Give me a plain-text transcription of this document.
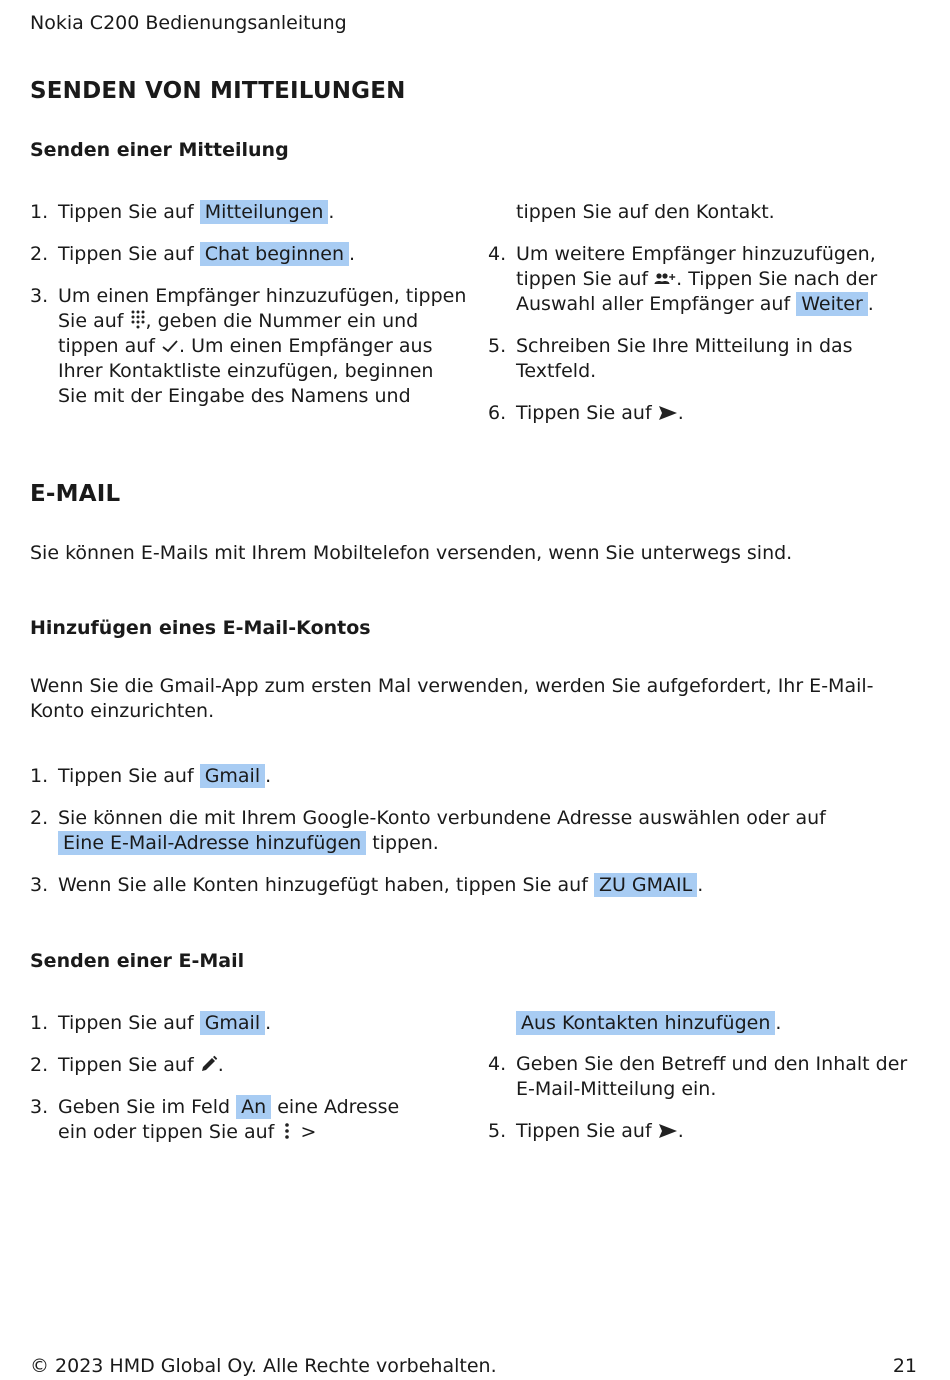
Nokia C200 Bedienungsanleitung
SENDEN VON MITTEILUNGEN
Senden einer Mitteilung
1. Tippen Sie auf Mitteilungen .
2. Tippen Sie auf Chat beginnen .
3. Um einen Empfänger hinzuzufügen, tippen
Sie auf , geben die Nummer ein und
tippen auf . Um einen Empfänger aus
Ihrer Kontaktliste einzufügen, beginnen
Sie mit der Eingabe des Namens und
tippen Sie auf den Kontakt.
4. Um weitere Empfänger hinzuzufügen,
tippen Sie auf . Tippen Sie nach der
Auswahl aller Empfänger auf Weiter .
5. Schreiben Sie Ihre Mitteilung in das
Textfeld.
6. Tippen Sie auf .
E-MAIL
Sie können E-Mails mit Ihrem Mobiltelefon versenden, wenn Sie unterwegs sind.
Hinzufügen eines E-Mail-Kontos
Wenn Sie die Gmail-App zum ersten Mal verwenden, werden Sie aufgefordert, Ihr E-Mail-Konto einzurichten.
1. Tippen Sie auf Gmail .
2. Sie können die mit Ihrem Google-Konto verbundene Adresse auswählen oder auf
Eine E-Mail-Adresse hinzufügen tippen.
3. Wenn Sie alle Konten hinzugefügt haben, tippen Sie auf ZU GMAIL .
Senden einer E-Mail
1. Tippen Sie auf Gmail .
2. Tippen Sie auf .
3. Geben Sie im Feld An eine Adresse
ein oder tippen Sie auf >
Aus Kontakten hinzufügen .
4. Geben Sie den Betreff und den Inhalt der
E-Mail-Mitteilung ein.
5. Tippen Sie auf .
© 2023 HMD Global Oy. Alle Rechte vorbehalten.	21
